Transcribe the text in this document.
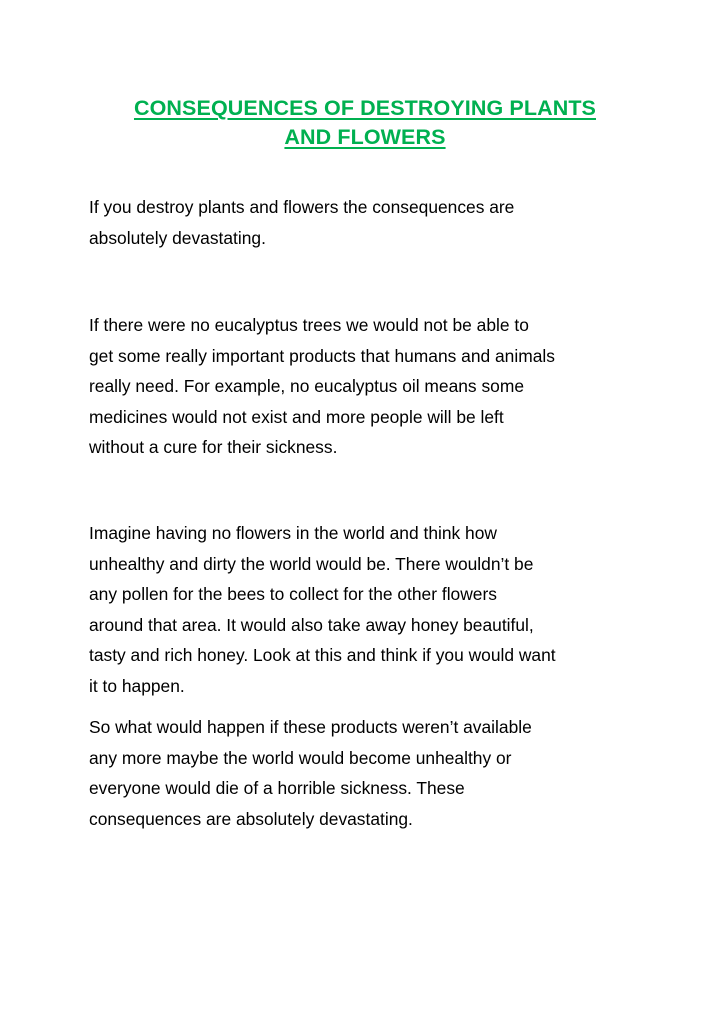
CONSEQUENCES OF DESTROYING PLANTS
AND FLOWERS

If you destroy plants and flowers the consequences are
absolutely devastating.

If there were no eucalyptus trees we would not be able to
get some really important products that humans and animals
really need. For example, no eucalyptus oil means some
medicines would not exist and more people will be left
without a cure for their sickness.

Imagine having no flowers in the world and think how
unhealthy and dirty the world would be. There wouldn’t be
any pollen for the bees to collect for the other flowers
around that area. It would also take away honey beautiful,
tasty and rich honey. Look at this and think if you would want
it to happen.

So what would happen if these products weren’t available
any more maybe the world would become unhealthy or
everyone would die of a horrible sickness. These
consequences are absolutely devastating.
